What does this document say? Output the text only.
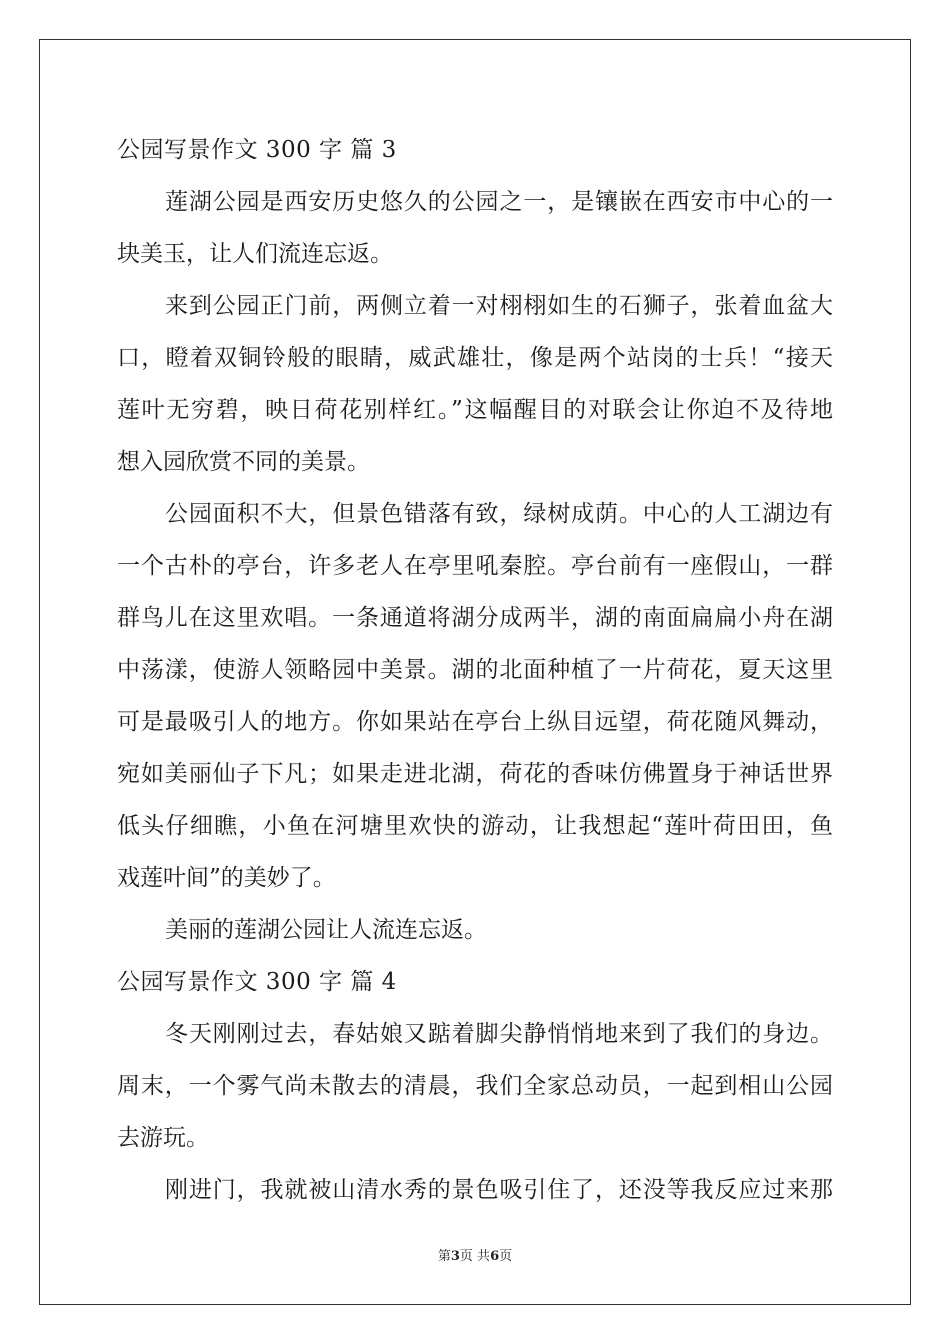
公园写景作文 300 字 篇 3
莲湖公园是西安历史悠久的公园之一，是镶嵌在西安市中心的一
块美玉，让人们流连忘返。
来到公园正门前，两侧立着一对栩栩如生的石狮子，张着血盆大
口，瞪着双铜铃般的眼睛，威武雄壮，像是两个站岗的士兵！“接天
莲叶无穷碧，映日荷花别样红。”这幅醒目的对联会让你迫不及待地
想入园欣赏不同的美景。
公园面积不大，但景色错落有致，绿树成荫。中心的人工湖边有
一个古朴的亭台，许多老人在亭里吼秦腔。亭台前有一座假山，一群
群鸟儿在这里欢唱。一条通道将湖分成两半，湖的南面扁扁小舟在湖
中荡漾，使游人领略园中美景。湖的北面种植了一片荷花，夏天这里
可是最吸引人的地方。你如果站在亭台上纵目远望，荷花随风舞动，
宛如美丽仙子下凡；如果走进北湖，荷花的香味仿佛置身于神话世界
低头仔细瞧，小鱼在河塘里欢快的游动，让我想起“莲叶荷田田，鱼
戏莲叶间”的美妙了。
美丽的莲湖公园让人流连忘返。
公园写景作文 300 字 篇 4
冬天刚刚过去，春姑娘又踮着脚尖静悄悄地来到了我们的身边。
周末，一个雾气尚未散去的清晨，我们全家总动员，一起到相山公园
去游玩。
刚进门，我就被山清水秀的景色吸引住了，还没等我反应过来那
第3页 共6页
